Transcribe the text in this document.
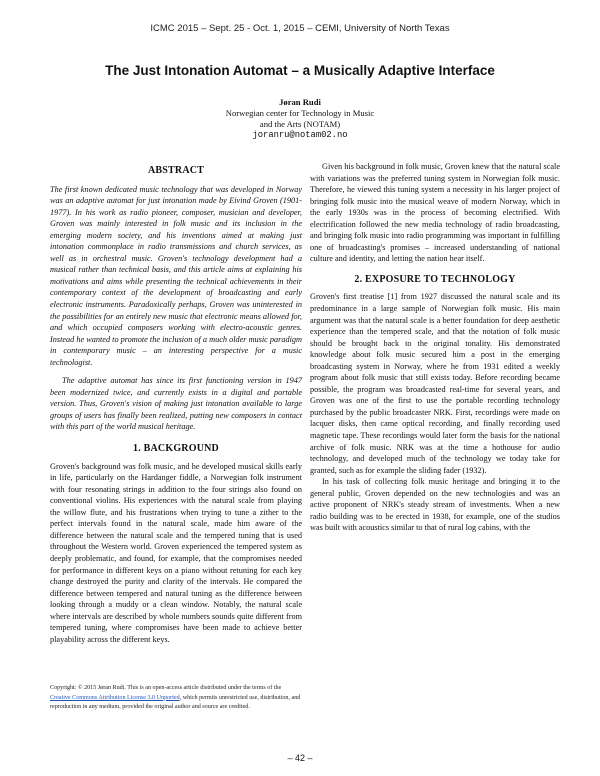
ICMC 2015 – Sept. 25 - Oct. 1, 2015 – CEMI, University of North Texas
The Just Intonation Automat – a Musically Adaptive Interface
Jøran Rudi
Norwegian center for Technology in Music
and the Arts (NOTAM)
joranru@notam02.no
ABSTRACT

The first known dedicated music technology that was developed in Norway was an adaptive automat for just intonation made by Eivind Groven (1901-1977). In his work as radio pioneer, composer, musician and developer, Groven was mainly interested in folk music and its inclusion in the emerging modern society, and his inventions aimed at making just intonation commonplace in radio transmissions and church services, as well as in orchestral music. Groven's technology development had a musical rather than technical basis, and this article aims at explaining his motivations and aims while presenting the technical achievements in their contemporary context of the development of broadcasting and early electronic instruments. Paradoxically perhaps, Groven was uninterested in the possibilities for an entirely new music that electronic means allowed for, and which occupied composers working with electro-acoustic genres. Instead he wanted to promote the inclusion of a much older music paradigm in contemporary music – an interesting perspective for a music technologist.

The adaptive automat has since its first functioning version in 1947 been modernized twice, and currently exists in a digital and portable version. Thus, Groven's vision of making just intonation available to large groups of users has finally been realized, putting new composers in contact with this part of the world musical heritage.

1. BACKGROUND

Groven's background was folk music, and he developed musical skills early in life, particularly on the Hardanger fiddle, a Norwegian folk instrument with four resonating strings in addition to the four strings also found on conventional violins. His experiences with the natural scale from playing the willow flute, and his frustrations when trying to tune a zither to the perfect intervals found in the natural scale, made him aware of the difference between the natural scale and the tempered tuning that is used throughout the Western world. Groven experienced the tempered system as deeply problematic, and found, for example, that the compromises needed for performance in different keys on a piano without retuning for each key change destroyed the purity and clarity of the intervals. He compared the difference between tempered and natural tuning as the difference between looking through a muddy or a clean window. Notably, the natural scale where intervals are described by whole numbers sounds quite different from tempered tuning, where compromises have been made to achieve better playability across the different keys.

Copyright: © 2015 Jøran Rudi. This is an open-access article distributed under the terms of the Creative Commons Attribution License 3.0 Unported, which permits unrestricted use, distribution, and reproduction in any medium, provided the original author and source are credited.

Given his background in folk music, Groven knew that the natural scale with variations was the preferred tuning system in Norwegian folk music. Therefore, he viewed this tuning system a necessity in his larger project of bringing folk music into the musical weave of modern Norway, which in the early 1930s was in the process of becoming electrified. With electrification followed the new media technology of radio broadcasting, and bringing folk music into radio programming was important in fulfilling one of broadcasting's promises – increased understanding of national culture and identity, and letting the nation hear itself.

2. EXPOSURE TO TECHNOLOGY

Groven's first treatise [1] from 1927 discussed the natural scale and its predominance in a large sample of Norwegian folk music. His main argument was that the natural scale is a better foundation for deep aesthetic experience than the tempered scale, and that the notation of folk music should be brought back to the original tonality. His demonstrated knowledge about folk music secured him a post in the emerging broadcasting system in Norway, where he from 1931 edited a weekly program about folk music that still exists today. Before recording became possible, the program was broadcasted real-time for several years, and Groven was one of the first to use the portable recording technology purchased by the public broadcaster NRK. First, recordings were made on lacquer disks, then came optical recording, and finally recording used magnetic tape. These recordings would later form the basis for the national archive of folk music. NRK was at the time a hothouse for audio technology, and developed much of the technology we today take for granted, such as for example the sliding fader (1932).

In his task of collecting folk music heritage and bringing it to the general public, Groven depended on the new technologies and was an active proponent of NRK's steady stream of investments. When a new radio building was to be erected in 1938, for example, one of the studios was built with acoustics similar to that of rural log cabins, with the

– 42 –
